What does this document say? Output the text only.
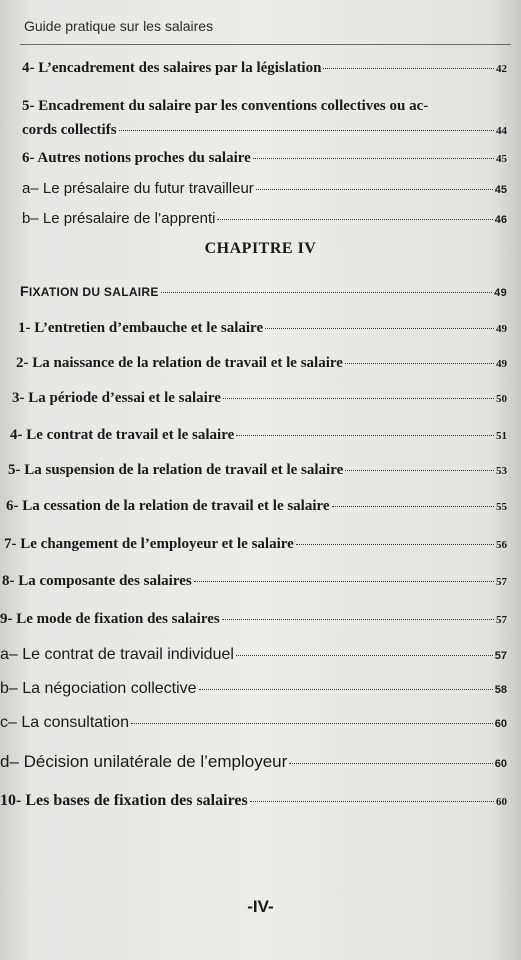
Guide pratique sur les salaires
4- L’encadrement des salaires par la législation	42
5- Encadrement du salaire par les conventions collectives ou ac-
cords collectifs	44
6- Autres notions proches du salaire	45
a– Le présalaire du futur travailleur	45
b– Le présalaire de l’apprenti	46
CHAPITRE IV
FIXATION DU SALAIRE	49
1- L’entretien d’embauche et le salaire	49
2- La naissance de la relation de travail et le salaire	49
3- La période d’essai et le salaire	50
4- Le contrat de travail et le salaire	51
5- La suspension de la relation de travail et le salaire	53
6- La cessation de la relation de travail et le salaire	55
7- Le changement de l’employeur et le salaire	56
8- La composante des salaires	57
9- Le mode de fixation des salaires	57
a– Le contrat de travail individuel	57
b– La négociation collective	58
c– La consultation	60
d– Décision unilatérale de l’employeur	60
10- Les bases de fixation des salaires	60
-IV-
